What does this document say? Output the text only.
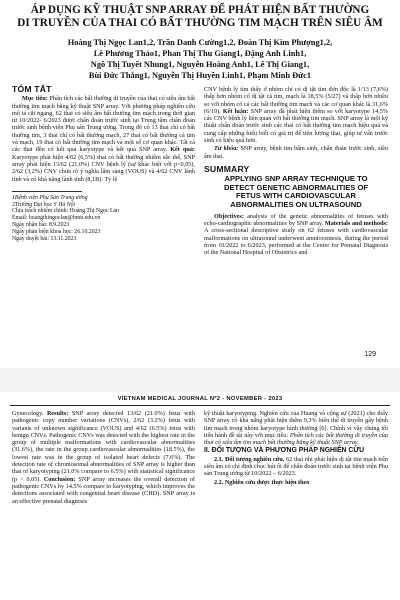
ÁP DỤNG KỸ THUẬT SNP ARRAY ĐỂ PHÁT HIỆN BẤT THƯỜNG
DI TRUYỀN CỦA THAI CÓ BẤT THƯỜNG TIM MẠCH TRÊN SIÊU ÂM
Hoàng Thị Ngọc Lan1,2, Trần Danh Cường1,2, Đoàn Thị Kim Phượng1,2,
Lê Phương Thảo1, Phan Thị Thu Giang1, Đặng Anh Linh1,
Ngô Thị Tuyết Nhung1, Nguyễn Hoàng Anh1, Lê Thị Giang1,
Bùi Đức Thắng1, Nguyễn Thị Huyền Linh1, Phạm Minh Đức1
TÓM TẮT

Mục tiêu: Phân tích các bất thường di truyền của thai có siêu âm bất thường tim mạch bằng kỹ thuật SNP array. Với phương pháp nghiên cứu mô tả cắt ngang, 62 thai có siêu âm bất thường tim mạch trong thời gian từ 10/2022- 6/2023 được chẩn đoán trước sinh tại Trung tâm chẩn đoán trước sinh bệnh viện Phụ sản Trung ương. Trong đó có 13 thai chỉ có bất thường tim, 3 thai chỉ có bất thường mạch, 27 thai có bất thường cả tim và mạch, 19 thai có bất thường tim mạch và một số cơ quan khác. Tất cả các thai đều có kết quả karyotype và kết quả SNP array. Kết quả: Karyotype phát hiện 4/62 (6,5%) thai có bất thường nhiễm sắc thể, SNP array phát hiện 13/62 (21,0%) CNV bệnh lý (sự khác biệt với p<0,05), 2/62 (3,2%) CNV chưa rõ ý nghĩa lâm sàng (VOUS) và 4/62 CNV lành tính và có khả năng lành tính (8,1B). Tỷ lệ

1Bệnh viện Phụ Sản Trung ương
2Trường Đại học Y Hà Nội
Chịu trách nhiệm chính: Hoàng Thị Ngọc Lan
Email: hoangthingoclan@hmu.edu.vn
Ngày nhận bài: 8.9.2023
Ngày phản biện khoa học: 26.10.2023
Ngày duyệt bài: 13.11.2023

CNV bệnh lý tìm thấy ở nhóm chỉ có dị tật tim đơn độc là 1/13 (7,6%) thấp hơn nhóm có dị tật cả tim, mạch là 18,5% (5/27) và thấp hơn nhiều so với nhóm có cả các bất thường tim mạch và các cơ quan khác là 31,6% (6/19). Kết luận: SNP array đã phát hiện thêm so với karyotype 14,5% các CNV bệnh lý liên quan với bất thường tim mạch. SNP array là một kỹ thuật chẩn đoán trước sinh các thai có bất thường tim mạch hiệu quả và cung cấp những hiểu biết có giá trị để tiên lượng thai, giúp tư vấn trước sinh có hiệu quả hơn.

Từ khóa: SNP array, bệnh tim bẩm sinh, chẩn đoán trước sinh, siêu âm thai.

SUMMARY
APPLYING SNP ARRAY TECHNIQUE TO
DETECT GENETIC ABNORMALITIES OF
FETUS WITH CARDIOVASCULAR
ABNORMALITIES ON ULTRASOUND

Objectives: analysis of the genetic abnormalities of fetuses with echo-cardiographic abnormalities by SNP array. Materials and methods: A cross-sectional descriptive study on 62 fetuses with cardiovascular malformations on ultrasound underwent amniocentesis, during the period from 10/2022 to 6/2023, performed at the Center for Prenatal Diagnosis of the National Hospital of Obstetrics and

129
VIETNAM MEDICAL JOURNAL Nº2 - NOVEMBER - 2023

Gynecology. Results: SNP array detected 13/62 (21.0%) fetus with pathogenic copy number variations (CNVs), 2/62 (3.2%) fetus with variants of unknown significance (VOUS) and 4/62 (6.5%) fetus with benign CNVs. Pathogenic CNVs was detected with the highest rate in the group of multiple malformations with cardiovascular abnormalities (31.6%), the rate in the group cardiovascular abnormalities (18.5%), the lowest rate was in the group of isolated heart defects (7.6%). The detection rate of chromosomal abnormalities of SNP array is higher than that of karyotyping (21.0% compare to 6.5%) with statistical significance (p < 0.05). Conclusion: SNP array increases the overall detection of pathogenic CNVs by 14.5% compare to karyotyping, which improves the detections associated with congenital heart disease (CHD). SNP array is an effective prenatal diagnosis

kỹ thuật karyotyping. Nghiên cứu của Huang và cộng sự (2021) cho thấy SNP array có khả năng phát hiện thêm 9,3% biến thể di truyền gây bệnh tim mạch trong nhóm karyotype bình thường [6]. Chính vì vậy chúng tôi tiến hành đề tài này với mục tiêu: Phân tích các bất thường di truyền của thai có siêu âm tim mạch bất thường bằng kỹ thuật SNP array.

II. ĐỐI TƯỢNG VÀ PHƯƠNG PHÁP NGHIÊN CỨU

2.1. Đối tượng nghiên cứu. 62 thai nhi phát hiện dị tật tim mạch trên siêu âm có chỉ định chọc hút ối để chẩn đoán trước sinh tại bệnh viện Phụ sản Trung ương từ 10/2022 – 6/2023.

2.2. Nghiên cứu được thực hiện theo
